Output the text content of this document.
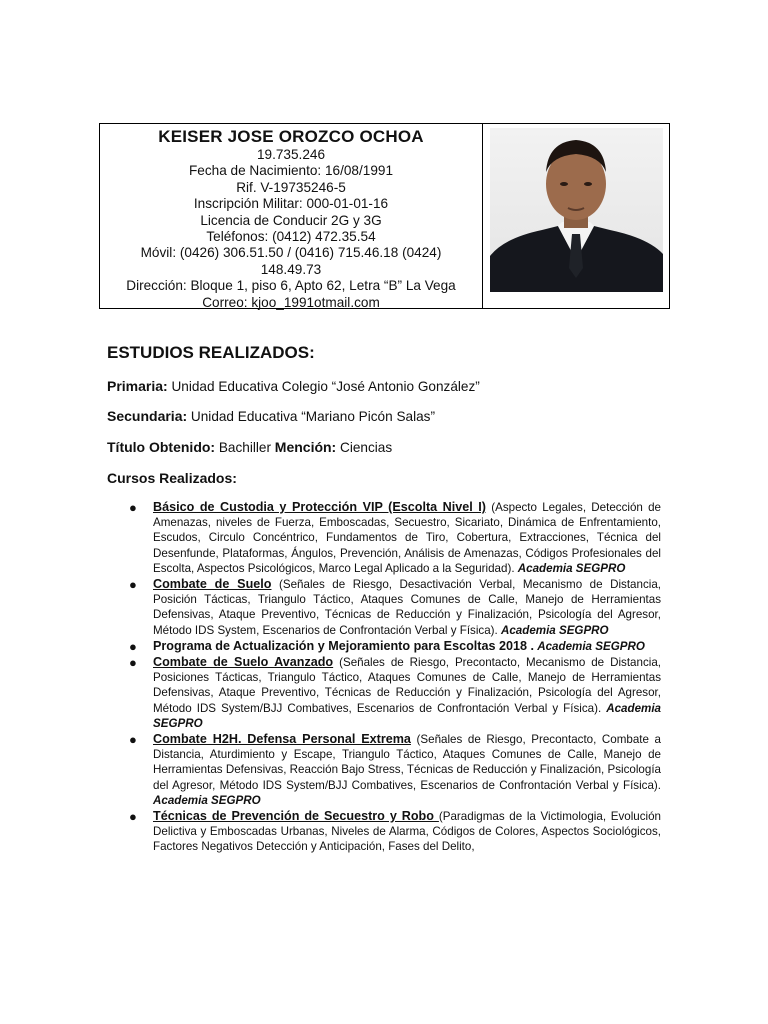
KEISER JOSE OROZCO OCHOA
19.735.246
Fecha de Nacimiento: 16/08/1991
Rif. V-19735246-5
Inscripción Militar: 000-01-01-16
Licencia de Conducir 2G y 3G
Teléfonos: (0412) 472.35.54
Móvil: (0426) 306.51.50 / (0416) 715.46.18 (0424)
148.49.73
Dirección: Bloque 1, piso 6, Apto 62, Letra “B” La Vega
Correo: kjoo_1991otmail.com
ESTUDIOS REALIZADOS:
Primaria: Unidad Educativa Colegio “José Antonio González”
Secundaria: Unidad Educativa “Mariano Picón Salas”
Título Obtenido: Bachiller Mención: Ciencias
Cursos Realizados:
● Básico de Custodia y Protección VIP (Escolta Nivel I) (Aspecto Legales, Detección de Amenazas, niveles de Fuerza, Emboscadas, Secuestro, Sicariato, Dinámica de Enfrentamiento, Escudos, Circulo Concéntrico, Fundamentos de Tiro, Cobertura, Extracciones, Técnica del Desenfunde, Plataformas, Ángulos, Prevención, Análisis de Amenazas, Códigos Profesionales del Escolta, Aspectos Psicológicos, Marco Legal Aplicado a la Seguridad). Academia SEGPRO
● Combate de Suelo (Señales de Riesgo, Desactivación Verbal, Mecanismo de Distancia, Posición Tácticas, Triangulo Táctico, Ataques Comunes de Calle, Manejo de Herramientas Defensivas, Ataque Preventivo, Técnicas de Reducción y Finalización, Psicología del Agresor, Método IDS System, Escenarios de Confrontación Verbal y Física). Academia SEGPRO
● Programa de Actualización y Mejoramiento para Escoltas 2018 . Academia SEGPRO
● Combate de Suelo Avanzado (Señales de Riesgo, Precontacto, Mecanismo de Distancia, Posiciones Tácticas, Triangulo Táctico, Ataques Comunes de Calle, Manejo de Herramientas Defensivas, Ataque Preventivo, Técnicas de Reducción y Finalización, Psicología del Agresor, Método IDS System/BJJ Combatives, Escenarios de Confrontación Verbal y Física). Academia SEGPRO
● Combate H2H. Defensa Personal Extrema (Señales de Riesgo, Precontacto, Combate a Distancia, Aturdimiento y Escape, Triangulo Táctico, Ataques Comunes de Calle, Manejo de Herramientas Defensivas, Reacción Bajo Stress, Técnicas de Reducción y Finalización, Psicología del Agresor, Método IDS System/BJJ Combatives, Escenarios de Confrontación Verbal y Física). Academia SEGPRO
● Técnicas de Prevención de Secuestro y Robo (Paradigmas de la Victimologia, Evolución Delictiva y Emboscadas Urbanas, Niveles de Alarma, Códigos de Colores, Aspectos Sociológicos, Factores Negativos Detección y Anticipación, Fases del Delito,
